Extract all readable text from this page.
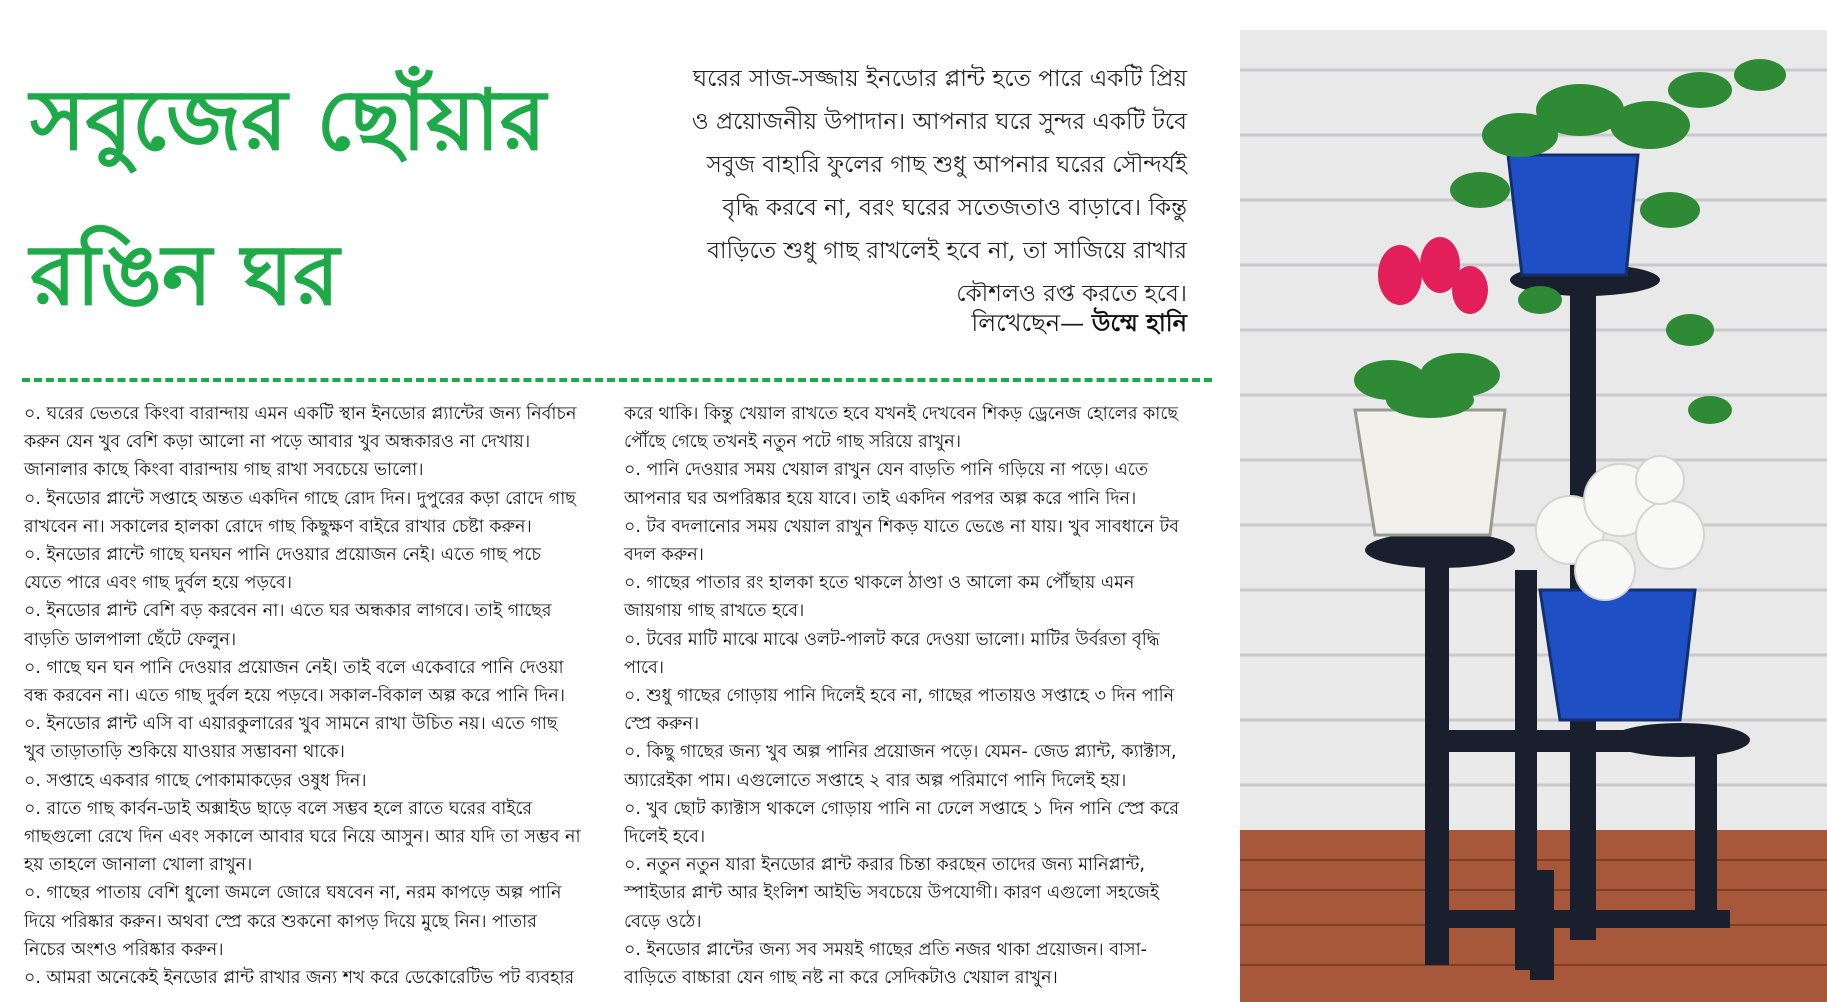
সবুজের ছোঁয়ার
রঙিন ঘর

ঘরের সাজ-সজ্জায় ইনডোর প্লান্ট হতে পারে একটি প্রিয়

ও প্রয়োজনীয় উপাদান। আপনার ঘরে সুন্দর একটি টবে

সবুজ বাহারি ফুলের গাছ শুধু আপনার ঘরের সৌন্দর্যই

বৃদ্ধি করবে না, বরং ঘরের সতেজতাও বাড়াবে। কিন্তু

বাড়িতে শুধু গাছ রাখলেই হবে না, তা সাজিয়ে রাখার

কৌশলও রপ্ত করতে হবে।

লিখেছেন— উম্মে হানি

০. ঘরের ভেতরে কিংবা বারান্দায় এমন একটি স্থান ইনডোর প্ল্যান্টের জন্য নির্বাচন

করুন যেন খুব বেশি কড়া আলো না পড়ে আবার খুব অন্ধকারও না দেখায়।

জানালার কাছে কিংবা বারান্দায় গাছ রাখা সবচেয়ে ভালো।

০. ইনডোর প্লান্টে সপ্তাহে অন্তত একদিন গাছে রোদ দিন। দুপুরের কড়া রোদে গাছ

রাখবেন না। সকালের হালকা রোদে গাছ কিছুক্ষণ বাইরে রাখার চেষ্টা করুন।

০. ইনডোর প্লান্টে গাছে ঘনঘন পানি দেওয়ার প্রয়োজন নেই। এতে গাছ পচে

যেতে পারে এবং গাছ দুর্বল হয়ে পড়বে।

০. ইনডোর প্লান্ট বেশি বড় করবেন না। এতে ঘর অন্ধকার লাগবে। তাই গাছের

বাড়তি ডালপালা ছেঁটে ফেলুন।

০. গাছে ঘন ঘন পানি দেওয়ার প্রয়োজন নেই। তাই বলে একেবারে পানি দেওয়া

বন্ধ করবেন না। এতে গাছ দুর্বল হয়ে পড়বে। সকাল-বিকাল অল্প করে পানি দিন।

০. ইনডোর প্লান্ট এসি বা এয়ারকুলারের খুব সামনে রাখা উচিত নয়। এতে গাছ

খুব তাড়াতাড়ি শুকিয়ে যাওয়ার সম্ভাবনা থাকে।

০. সপ্তাহে একবার গাছে পোকামাকড়ের ওষুধ দিন।

০. রাতে গাছ কার্বন-ডাই অক্সাইড ছাড়ে বলে সম্ভব হলে রাতে ঘরের বাইরে

গাছগুলো রেখে দিন এবং সকালে আবার ঘরে নিয়ে আসুন। আর যদি তা সম্ভব না

হয় তাহলে জানালা খোলা রাখুন।

০. গাছের পাতায় বেশি ধুলো জমলে জোরে ঘষবেন না, নরম কাপড়ে অল্প পানি

দিয়ে পরিষ্কার করুন। অথবা স্প্রে করে শুকনো কাপড় দিয়ে মুছে নিন। পাতার

নিচের অংশও পরিষ্কার করুন।

০. আমরা অনেকেই ইনডোর প্লান্ট রাখার জন্য শখ করে ডেকোরেটিভ পট ব্যবহার

করে থাকি। কিন্তু খেয়াল রাখতে হবে যখনই দেখবেন শিকড় ড্রেনেজ হোলের কাছে

পৌঁছে গেছে তখনই নতুন পটে গাছ সরিয়ে রাখুন।

০. পানি দেওয়ার সময় খেয়াল রাখুন যেন বাড়তি পানি গড়িয়ে না পড়ে। এতে

আপনার ঘর অপরিষ্কার হয়ে যাবে। তাই একদিন পরপর অল্প করে পানি দিন।

০. টব বদলানোর সময় খেয়াল রাখুন শিকড় যাতে ভেঙে না যায়। খুব সাবধানে টব

বদল করুন।

০. গাছের পাতার রং হালকা হতে থাকলে ঠাণ্ডা ও আলো কম পৌঁছায় এমন

জায়গায় গাছ রাখতে হবে।

০. টবের মাটি মাঝে মাঝে ওলট-পালট করে দেওয়া ভালো। মাটির উর্বরতা বৃদ্ধি

পাবে।

০. শুধু গাছের গোড়ায় পানি দিলেই হবে না, গাছের পাতায়ও সপ্তাহে ৩ দিন পানি

স্প্রে করুন।

০. কিছু গাছের জন্য খুব অল্প পানির প্রয়োজন পড়ে। যেমন- জেড প্ল্যান্ট, ক্যাক্টাস,

অ্যারেইকা পাম। এগুলোতে সপ্তাহে ২ বার অল্প পরিমাণে পানি দিলেই হয়।

০. খুব ছোট ক্যাক্টাস থাকলে গোড়ায় পানি না ঢেলে সপ্তাহে ১ দিন পানি স্প্রে করে

দিলেই হবে।

০. নতুন নতুন যারা ইনডোর প্লান্ট করার চিন্তা করছেন তাদের জন্য মানিপ্লান্ট,

স্পাইডার প্লান্ট আর ইংলিশ আইভি সবচেয়ে উপযোগী। কারণ এগুলো সহজেই

বেড়ে ওঠে।

০. ইনডোর প্লান্টের জন্য সব সময়ই গাছের প্রতি নজর থাকা প্রয়োজন। বাসা-

বাড়িতে বাচ্চারা যেন গাছ নষ্ট না করে সেদিকটাও খেয়াল রাখুন।
